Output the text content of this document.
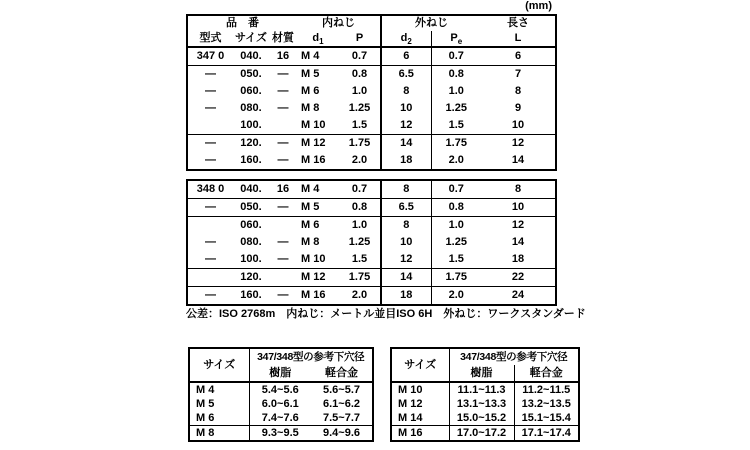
(mm)
品　番			内ねじ		外ねじ		長さ
型式	サイズ	材質	$d_1$	P	$d_2$	$P_e$	L
347 0	040.	16	M 4	0.7	6	0.7	6
—	050.	—	M 5	0.8	6.5	0.8	7
—	060.	—	M 6	1.0	8	1.0	8
—	080.	—	M 8	1.25	10	1.25	9
	100.		M 10	1.5	12	1.5	10
—	120.	—	M 12	1.75	14	1.75	12
—	160.	—	M 16	2.0	18	2.0	14
348 0	040.	16	M 4	0.7	8	0.7	8
—	050.	—	M 5	0.8	6.5	0.8	10
	060.		M 6	1.0	8	1.0	12
—	080.	—	M 8	1.25	10	1.25	14
—	100.	—	M 10	1.5	12	1.5	18
	120.		M 12	1.75	14	1.75	22
—	160.	—	M 16	2.0	18	2.0	24
公差：ISO 2768m　内ねじ：メートル並目ISO 6H　外ねじ：ワークスタンダード
サイズ	347/348型の参考下穴径	
	樹脂	軽合金
M 4	5.4~5.6	5.6~5.7
M 5	6.0~6.1	6.1~6.2
M 6	7.4~7.6	7.5~7.7
M 8	9.3~9.5	9.4~9.6
サイズ	347/348型の参考下穴径	
	樹脂	軽合金
M 10	11.1~11.3	11.2~11.5
M 12	13.1~13.3	13.2~13.5
M 14	15.0~15.2	15.1~15.4
M 16	17.0~17.2	17.1~17.4
